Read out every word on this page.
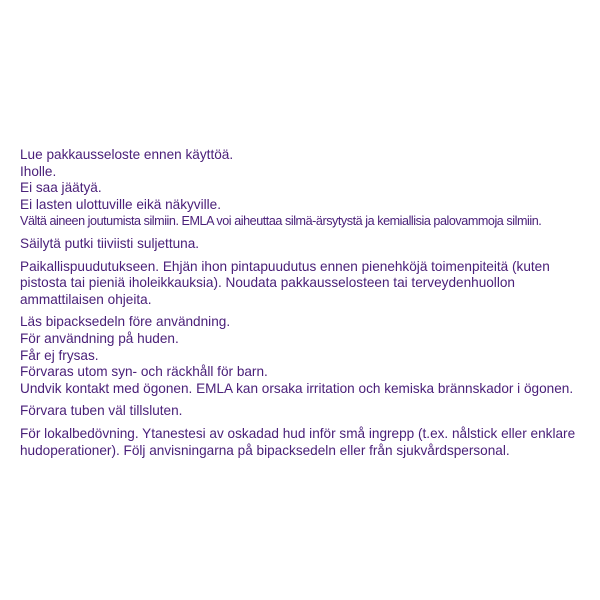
Lue pakkausseloste ennen käyttöä.
Iholle.
Ei saa jäätyä.
Ei lasten ulottuville eikä näkyville.
Vältä aineen joutumista silmiin. EMLA voi aiheuttaa silmä-ärsytystä ja kemiallisia palovammoja silmiin.

Säilytä putki tiiviisti suljettuna.

Paikallispuudutukseen. Ehjän ihon pintapuudutus ennen pienehköjä toimenpiteitä (kuten pistosta tai pieniä iholeikkauksia). Noudata pakkausselosteen tai terveydenhuollon ammattilaisen ohjeita.

Läs bipacksedeln före användning.
För användning på huden.
Får ej frysas.
Förvaras utom syn- och räckhåll för barn.
Undvik kontakt med ögonen. EMLA kan orsaka irritation och kemiska brännskador i ögonen.

Förvara tuben väl tillsluten.

För lokalbedövning. Ytanestesi av oskadad hud inför små ingrepp (t.ex. nålstick eller enklare hudoperationer). Följ anvisningarna på bipacksedeln eller från sjukvårdspersonal.
